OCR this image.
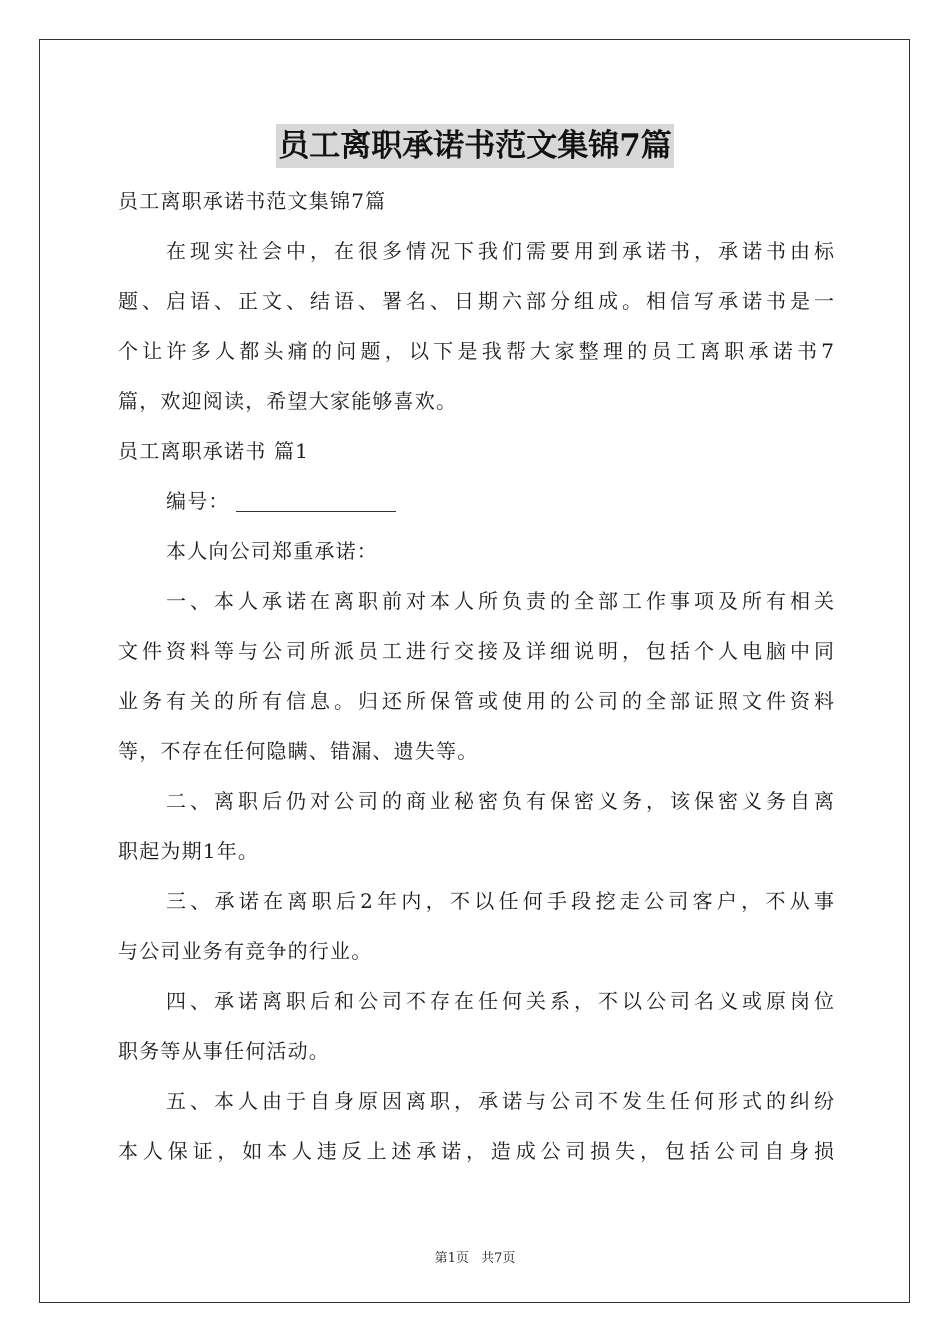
员工离职承诺书范文集锦7篇
员工离职承诺书范文集锦7篇
在现实社会中，在很多情况下我们需要用到承诺书，承诺书由标
题、启语、正文、结语、署名、日期六部分组成。相信写承诺书是一
个让许多人都头痛的问题，以下是我帮大家整理的员工离职承诺书7
篇，欢迎阅读，希望大家能够喜欢。
员工离职承诺书 篇1
编号：
本人向公司郑重承诺：
一、本人承诺在离职前对本人所负责的全部工作事项及所有相关
文件资料等与公司所派员工进行交接及详细说明，包括个人电脑中同
业务有关的所有信息。归还所保管或使用的公司的全部证照文件资料
等，不存在任何隐瞒、错漏、遗失等。
二、离职后仍对公司的商业秘密负有保密义务，该保密义务自离
职起为期1年。
三、承诺在离职后2年内，不以任何手段挖走公司客户，不从事
与公司业务有竞争的行业。
四、承诺离职后和公司不存在任何关系，不以公司名义或原岗位
职务等从事任何活动。
五、本人由于自身原因离职，承诺与公司不发生任何形式的纠纷
本人保证，如本人违反上述承诺，造成公司损失，包括公司自身损
第1页 共7页
